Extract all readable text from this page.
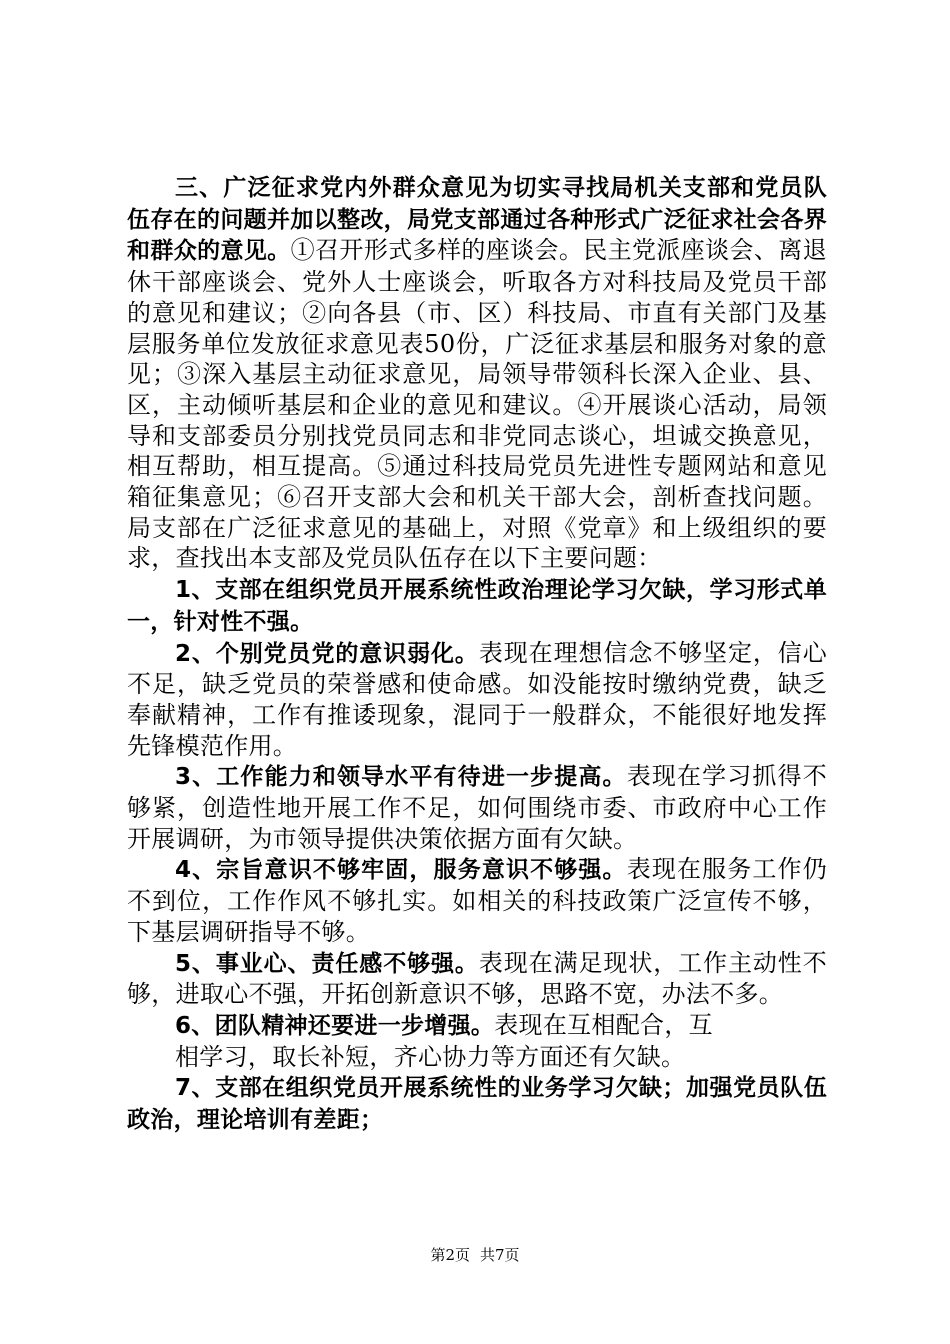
三、广泛征求党内外群众意见为切实寻找局机关支部和党员队伍存在的问题并加以整改，局党支部通过各种形式广泛征求社会各界和群众的意见。①召开形式多样的座谈会。民主党派座谈会、离退休干部座谈会、党外人士座谈会，听取各方对科技局及党员干部的意见和建议；②向各县（市、区）科技局、市直有关部门及基层服务单位发放征求意见表50份，广泛征求基层和服务对象的意见；③深入基层主动征求意见，局领导带领科长深入企业、县、区，主动倾听基层和企业的意见和建议。④开展谈心活动，局领导和支部委员分别找党员同志和非党同志谈心，坦诚交换意见，相互帮助，相互提高。⑤通过科技局党员先进性专题网站和意见箱征集意见；⑥召开支部大会和机关干部大会，剖析查找问题。局支部在广泛征求意见的基础上，对照《党章》和上级组织的要求，查找出本支部及党员队伍存在以下主要问题：

1、支部在组织党员开展系统性政治理论学习欠缺，学习形式单一，针对性不强。

2、个别党员党的意识弱化。表现在理想信念不够坚定，信心不足，缺乏党员的荣誉感和使命感。如没能按时缴纳党费，缺乏奉献精神，工作有推诿现象，混同于一般群众，不能很好地发挥先锋模范作用。

3、工作能力和领导水平有待进一步提高。表现在学习抓得不够紧，创造性地开展工作不足，如何围绕市委、市政府中心工作开展调研，为市领导提供决策依据方面有欠缺。

4、宗旨意识不够牢固，服务意识不够强。表现在服务工作仍不到位，工作作风不够扎实。如相关的科技政策广泛宣传不够，下基层调研指导不够。

5、事业心、责任感不够强。表现在满足现状，工作主动性不够，进取心不强，开拓创新意识不够，思路不宽，办法不多。

6、团队精神还要进一步增强。表现在互相配合，互

相学习，取长补短，齐心协力等方面还有欠缺。

7、支部在组织党员开展系统性的业务学习欠缺；加强党员队伍政治，理论培训有差距；

第2页 共7页
